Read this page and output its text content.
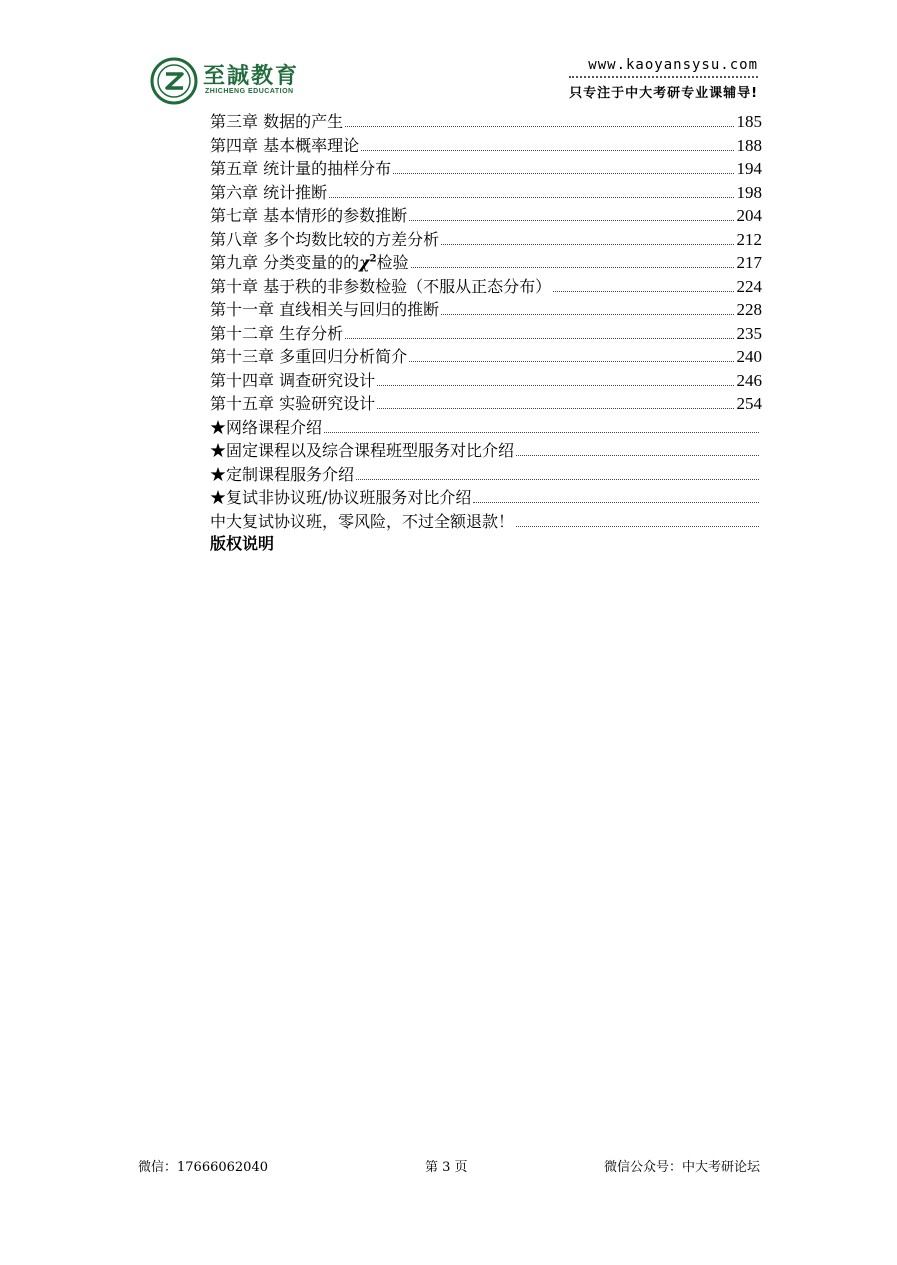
至誠教育
ZHICHENG EDUCATION
www.kaoyansysu.com
只专注于中大考研专业课辅导!
第三章 数据的产生	185
第四章 基本概率理论	188
第五章 统计量的抽样分布	194
第六章 统计推断	198
第七章 基本情形的参数推断	204
第八章 多个均数比较的方差分析	212
第九章 分类变量的的$\chi^2$检验	217
第十章 基于秩的非参数检验（不服从正态分布）	224
第十一章 直线相关与回归的推断	228
第十二章 生存分析	235
第十三章 多重回归分析简介	240
第十四章 调查研究设计	246
第十五章 实验研究设计	254
★网络课程介绍
★固定课程以及综合课程班型服务对比介绍
★定制课程服务介绍
★复试非协议班/协议班服务对比介绍
中大复试协议班，零风险，不过全额退款！
版权说明
微信：17666062040	第 3 页	微信公众号：中大考研论坛
